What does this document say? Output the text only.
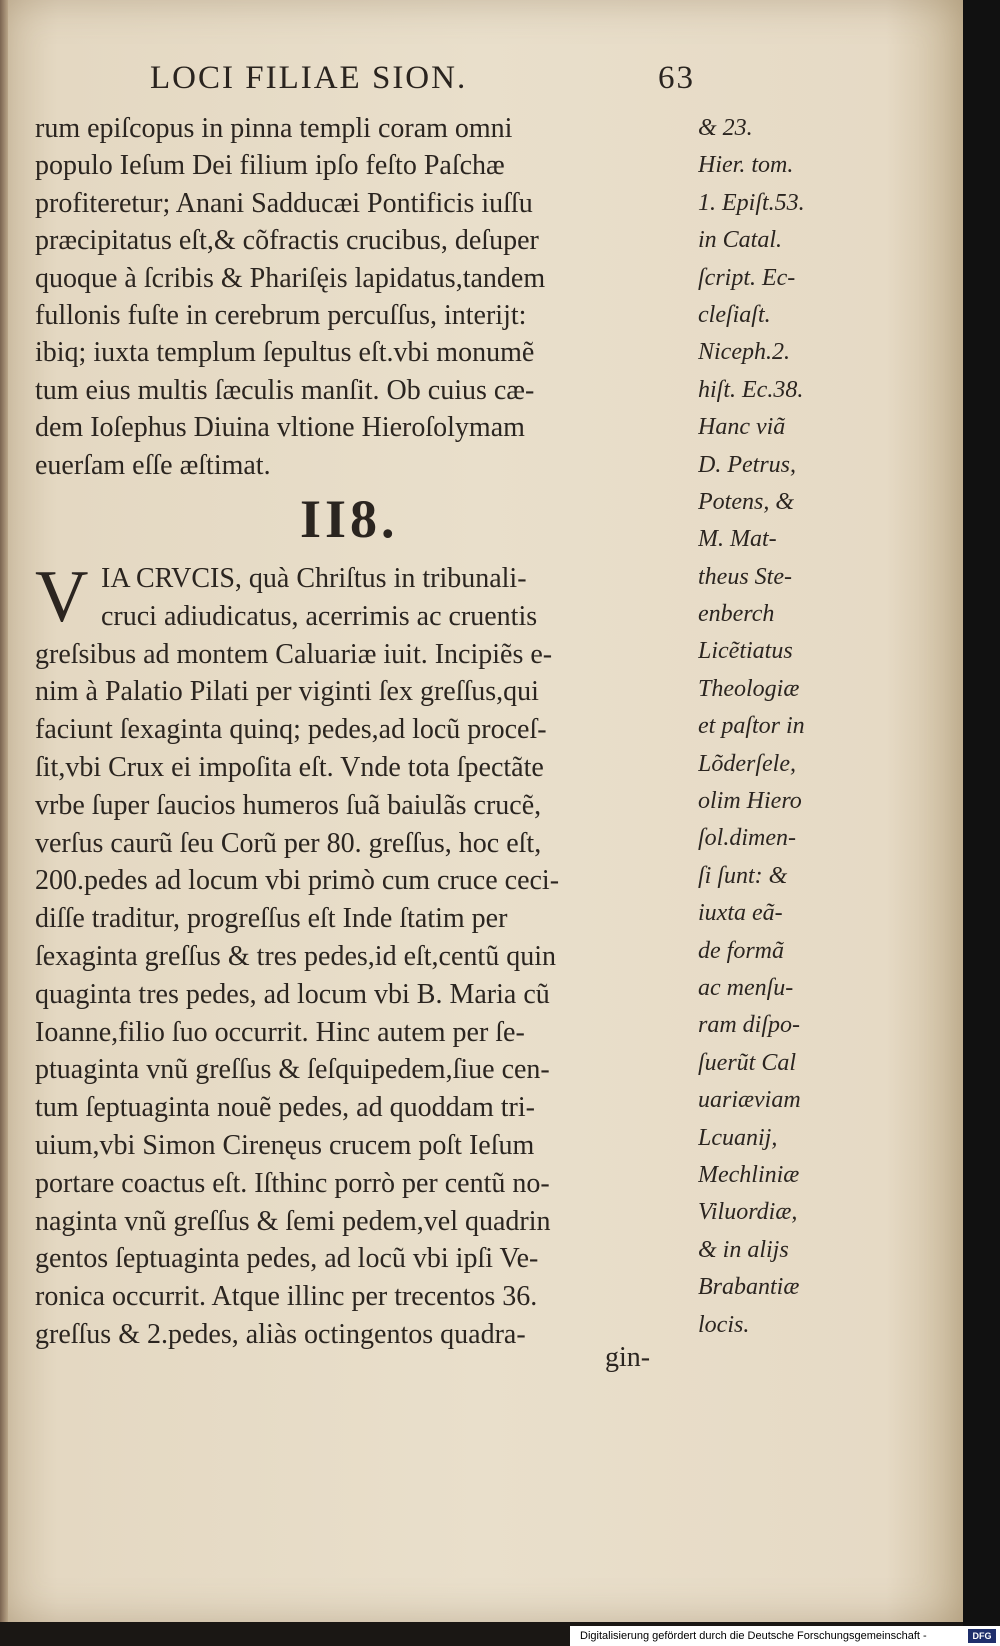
LOCI FILIAE SION.	63
rum epiſcopus in pinna templi coram omni
populo Ieſum Dei filium ipſo feſto Paſchæ
profiteretur; Anani Sadducæi Pontificis iuſſu
præcipitatus eſt,& cõfractis crucibus, deſuper
quoque à ſcribis & Phariſęis lapidatus,tandem
fullonis fuſte in cerebrum percuſſus, interijt:
ibiq; iuxta templum ſepultus eſt.vbi monumẽ
tum eius multis ſæculis manſit. Ob cuius cæ-
dem Ioſephus Diuina vltione Hieroſolymam
euerſam eſſe æſtimat.
II8.
V IA CRVCIS, quà Chriſtus in tribunali-
cruci adiudicatus, acerrimis ac cruentis
greſsibus ad montem Caluariæ iuit. Incipiẽs e-
nim à Palatio Pilati per viginti ſex greſſus,qui
faciunt ſexaginta quinq; pedes,ad locũ proceſ-
ſit,vbi Crux ei impoſita eſt. Vnde tota ſpectãte
vrbe ſuper ſaucios humeros ſuã baiulãs crucẽ,
verſus caurũ ſeu Corũ per 80. greſſus, hoc eſt,
200.pedes ad locum vbi primò cum cruce ceci-
diſſe traditur, progreſſus eſt Inde ſtatim per
ſexaginta greſſus & tres pedes,id eſt,centũ quin
quaginta tres pedes, ad locum vbi B. Maria cũ
Ioanne,filio ſuo occurrit. Hinc autem per ſe-
ptuaginta vnũ greſſus & ſeſquipedem,ſiue cen-
tum ſeptuaginta nouẽ pedes, ad quoddam tri-
uium,vbi Simon Cirenęus crucem poſt Ieſum
portare coactus eſt. Iſthinc porrò per centũ no-
naginta vnũ greſſus & ſemi pedem,vel quadrin
gentos ſeptuaginta pedes, ad locũ vbi ipſi Ve-
ronica occurrit. Atque illinc per trecentos 36.
greſſus & 2.pedes, aliàs octingentos quadra-
& 23.
Hier. tom.
1. Epiſt.53.
in Catal.
ſcript. Ec-
cleſiaſt.
Niceph.2.
hiſt. Ec.38.
Hanc viã
D. Petrus,
Potens, &
M. Mat-
theus Ste-
enberch
Licẽtiatus
Theologiæ
et paſtor in
Lõderſele,
olim Hiero
ſol.dimen-
ſi ſunt: &
iuxta eã-
de formã
ac menſu-
ram diſpo-
ſuerũt Cal
uariæviam
Lcuanij,
Mechliniæ
Viluordiæ,
& in alijs
Brabantiæ
locis.
gin-
Digitalisierung gefördert durch die Deutsche Forschungsgemeinschaft -	DFG
